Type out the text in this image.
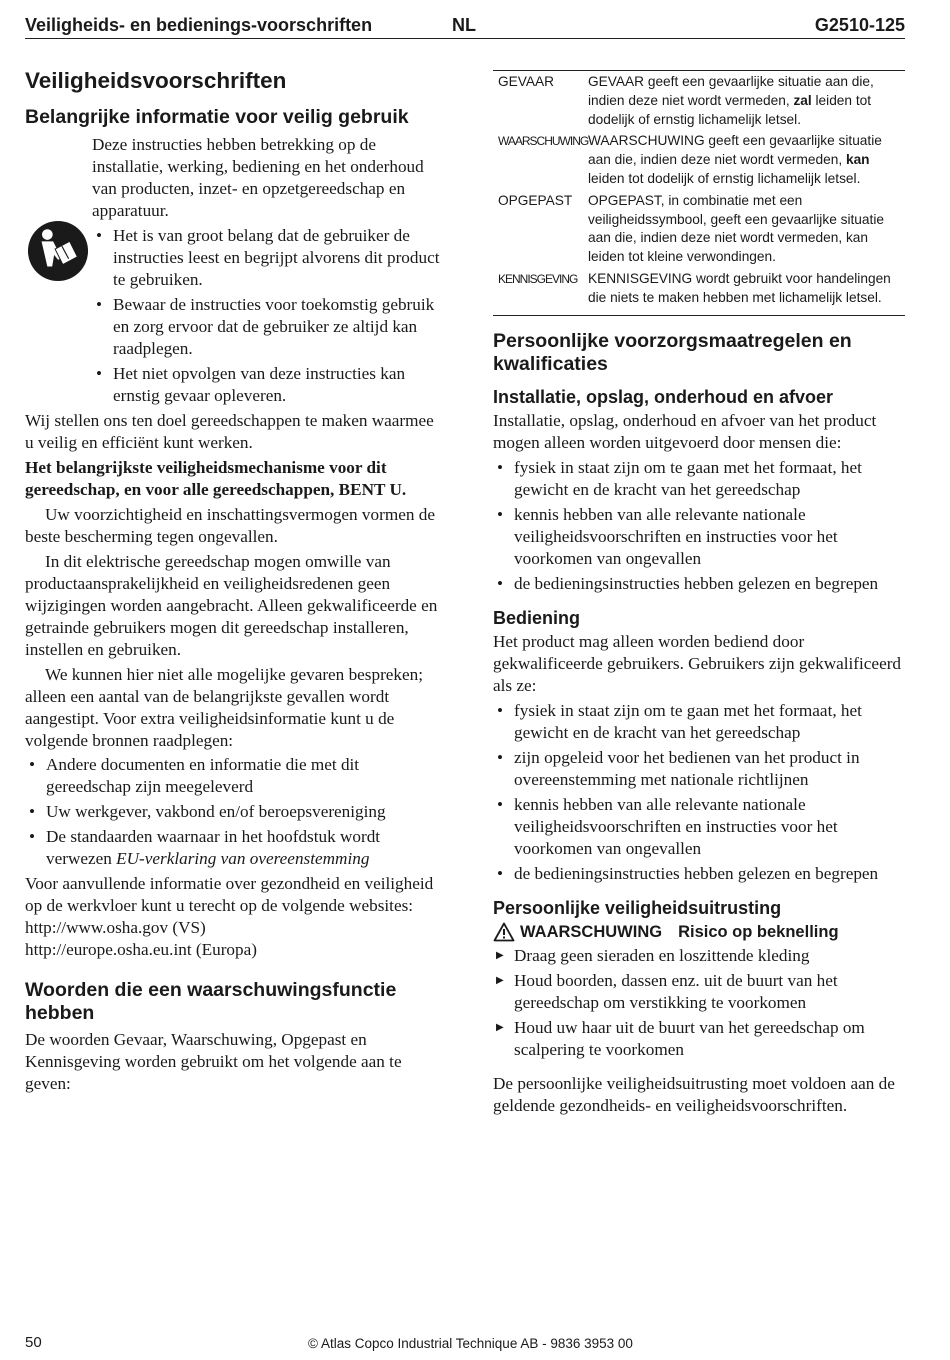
Veiligheids- en bedienings-voorschriften	NL	G2510-125
Veiligheidsvoorschriften
Belangrijke informatie voor veilig gebruik

Deze instructies hebben betrekking op de installatie, werking, bediening en het onderhoud van producten, inzet- en opzetgereedschap en apparatuur.

• Het is van groot belang dat de gebruiker de instructies leest en begrijpt alvorens dit product te gebruiken.
• Bewaar de instructies voor toekomstig gebruik en zorg ervoor dat de gebruiker ze altijd kan raadplegen.
• Het niet opvolgen van deze instructies kan ernstig gevaar opleveren.

Wij stellen ons ten doel gereedschappen te maken waarmee u veilig en efficiënt kunt werken.

Het belangrijkste veiligheidsmechanisme voor dit gereedschap, en voor alle gereedschappen, BENT U.

Uw voorzichtigheid en inschattingsvermogen vormen de beste bescherming tegen ongevallen.

In dit elektrische gereedschap mogen omwille van productaansprakelijkheid en veiligheidsredenen geen wijzigingen worden aangebracht. Alleen gekwalificeerde en getrainde gebruikers mogen dit gereedschap installeren, instellen en gebruiken.

We kunnen hier niet alle mogelijke gevaren bespreken; alleen een aantal van de belangrijkste gevallen wordt aangestipt. Voor extra veiligheidsinformatie kunt u de volgende bronnen raadplegen:

• Andere documenten en informatie die met dit gereedschap zijn meegeleverd
• Uw werkgever, vakbond en/of beroepsvereniging
• De standaarden waarnaar in het hoofdstuk wordt verwezen EU-verklaring van overeenstemming

Voor aanvullende informatie over gezondheid en veiligheid op de werkvloer kunt u terecht op de volgende websites:

http://www.osha.gov (VS)

http://europe.osha.eu.int (Europa)

Woorden die een waarschuwingsfunctie hebben

De woorden Gevaar, Waarschuwing, Opgepast en Kennisgeving worden gebruikt om het volgende aan te geven:

GEVAAR	GEVAAR geeft een gevaarlijke situatie aan die, indien deze niet wordt vermeden, zal leiden tot dodelijk of ernstig lichamelijk letsel.
WAARSCHUWING WAARSCHUWING geeft een gevaarlijke situatie aan die, indien deze niet wordt vermeden, kan leiden tot dodelijk of ernstig lichamelijk letsel.
OPGEPAST	OPGEPAST, in combinatie met een veiligheidssymbool, geeft een gevaarlijke situatie aan die, indien deze niet wordt vermeden, kan leiden tot kleine verwondingen.
KENNISGEVING KENNISGEVING wordt gebruikt voor handelingen die niets te maken hebben met lichamelijk letsel.
Persoonlijke voorzorgsmaatregelen en kwalificaties
Installatie, opslag, onderhoud en afvoer

Installatie, opslag, onderhoud en afvoer van het product mogen alleen worden uitgevoerd door mensen die:

• fysiek in staat zijn om te gaan met het formaat, het gewicht en de kracht van het gereedschap
• kennis hebben van alle relevante nationale veiligheidsvoorschriften en instructies voor het voorkomen van ongevallen
• de bedieningsinstructies hebben gelezen en begrepen
Bediening

Het product mag alleen worden bediend door gekwalificeerde gebruikers. Gebruikers zijn gekwalificeerd als ze:

• fysiek in staat zijn om te gaan met het formaat, het gewicht en de kracht van het gereedschap
• zijn opgeleid voor het bedienen van het product in overeenstemming met nationale richtlijnen
• kennis hebben van alle relevante nationale veiligheidsvoorschriften en instructies voor het voorkomen van ongevallen
• de bedieningsinstructies hebben gelezen en begrepen
Persoonlijke veiligheidsuitrusting
WAARSCHUWING Risico op beknelling
▶ Draag geen sieraden en loszittende kleding
▶ Houd boorden, dassen enz. uit de buurt van het gereedschap om verstikking te voorkomen
▶ Houd uw haar uit de buurt van het gereedschap om scalpering te voorkomen

De persoonlijke veiligheidsuitrusting moet voldoen aan de geldende gezondheids- en veiligheidsvoorschriften.

50	© Atlas Copco Industrial Technique AB - 9836 3953 00
